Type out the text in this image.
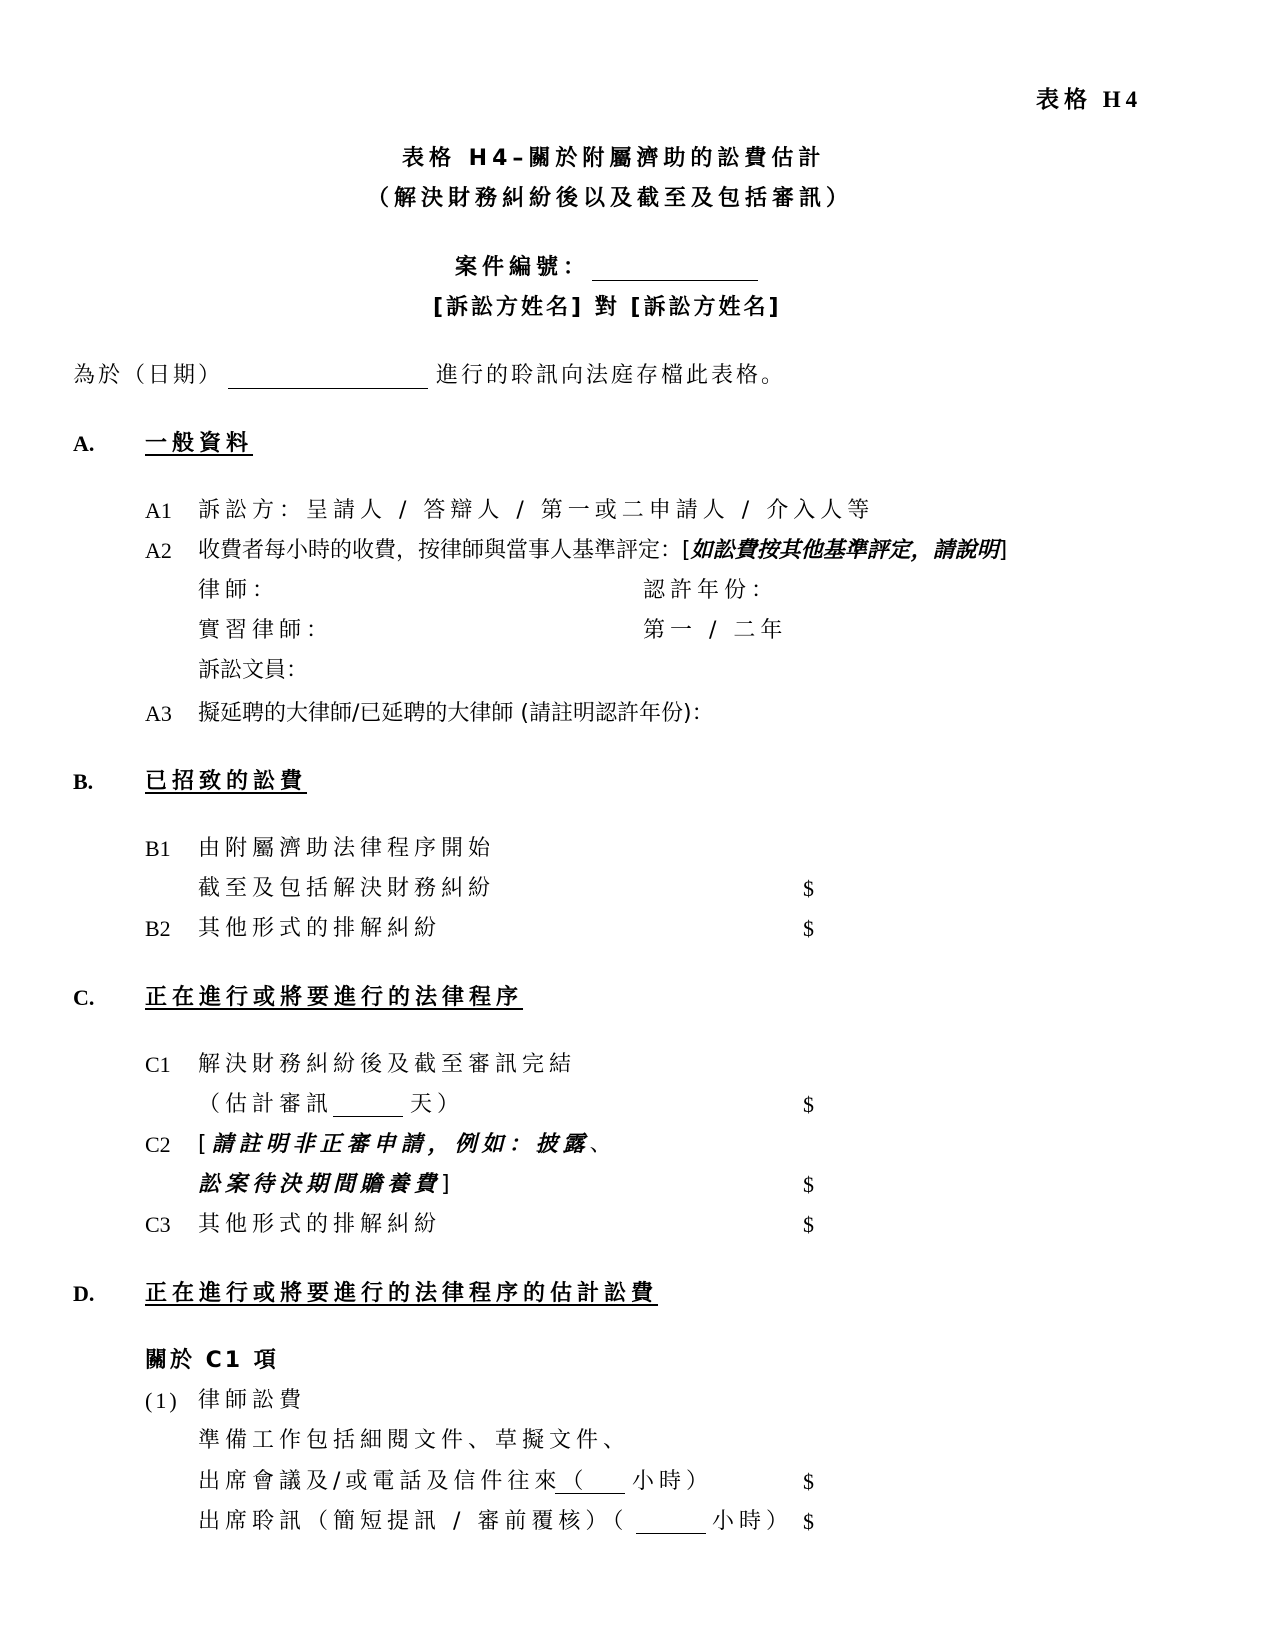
表格 H4
表格 H4–關於附屬濟助的訟費估計
（解決財務糾紛後以及截至及包括審訊）
案件編號：
[訴訟方姓名] 對 [訴訟方姓名]
為於（日期）	進行的聆訊向法庭存檔此表格。
A. 一般資料
A1 訴訟方：呈請人 / 答辯人 / 第一或二申請人 / 介入人等
A2 收費者每小時的收費，按律師與當事人基準評定：[如訟費按其他基準評定，請說明]
律師：	認許年份：
實習律師：	第一 / 二年
訴訟文員：
A3 擬延聘的大律師/已延聘的大律師 (請註明認許年份)：
B. 已招致的訟費
B1 由附屬濟助法律程序開始
截至及包括解決財務糾紛	$
B2 其他形式的排解糾紛	$
C. 正在進行或將要進行的法律程序
C1 解決財務糾紛後及截至審訊完結
（估計審訊	天）	$
C2 [請註明非正審申請，例如：披露、
訟案待決期間贍養費]	$
C3 其他形式的排解糾紛	$
D. 正在進行或將要進行的法律程序的估計訟費
關於 C1 項
(1) 律師訟費
準備工作包括細閱文件、草擬文件、
出席會議及/或電話及信件往來（ 小時）	$
出席聆訊（簡短提訊 / 審前覆核）（	小時） $
